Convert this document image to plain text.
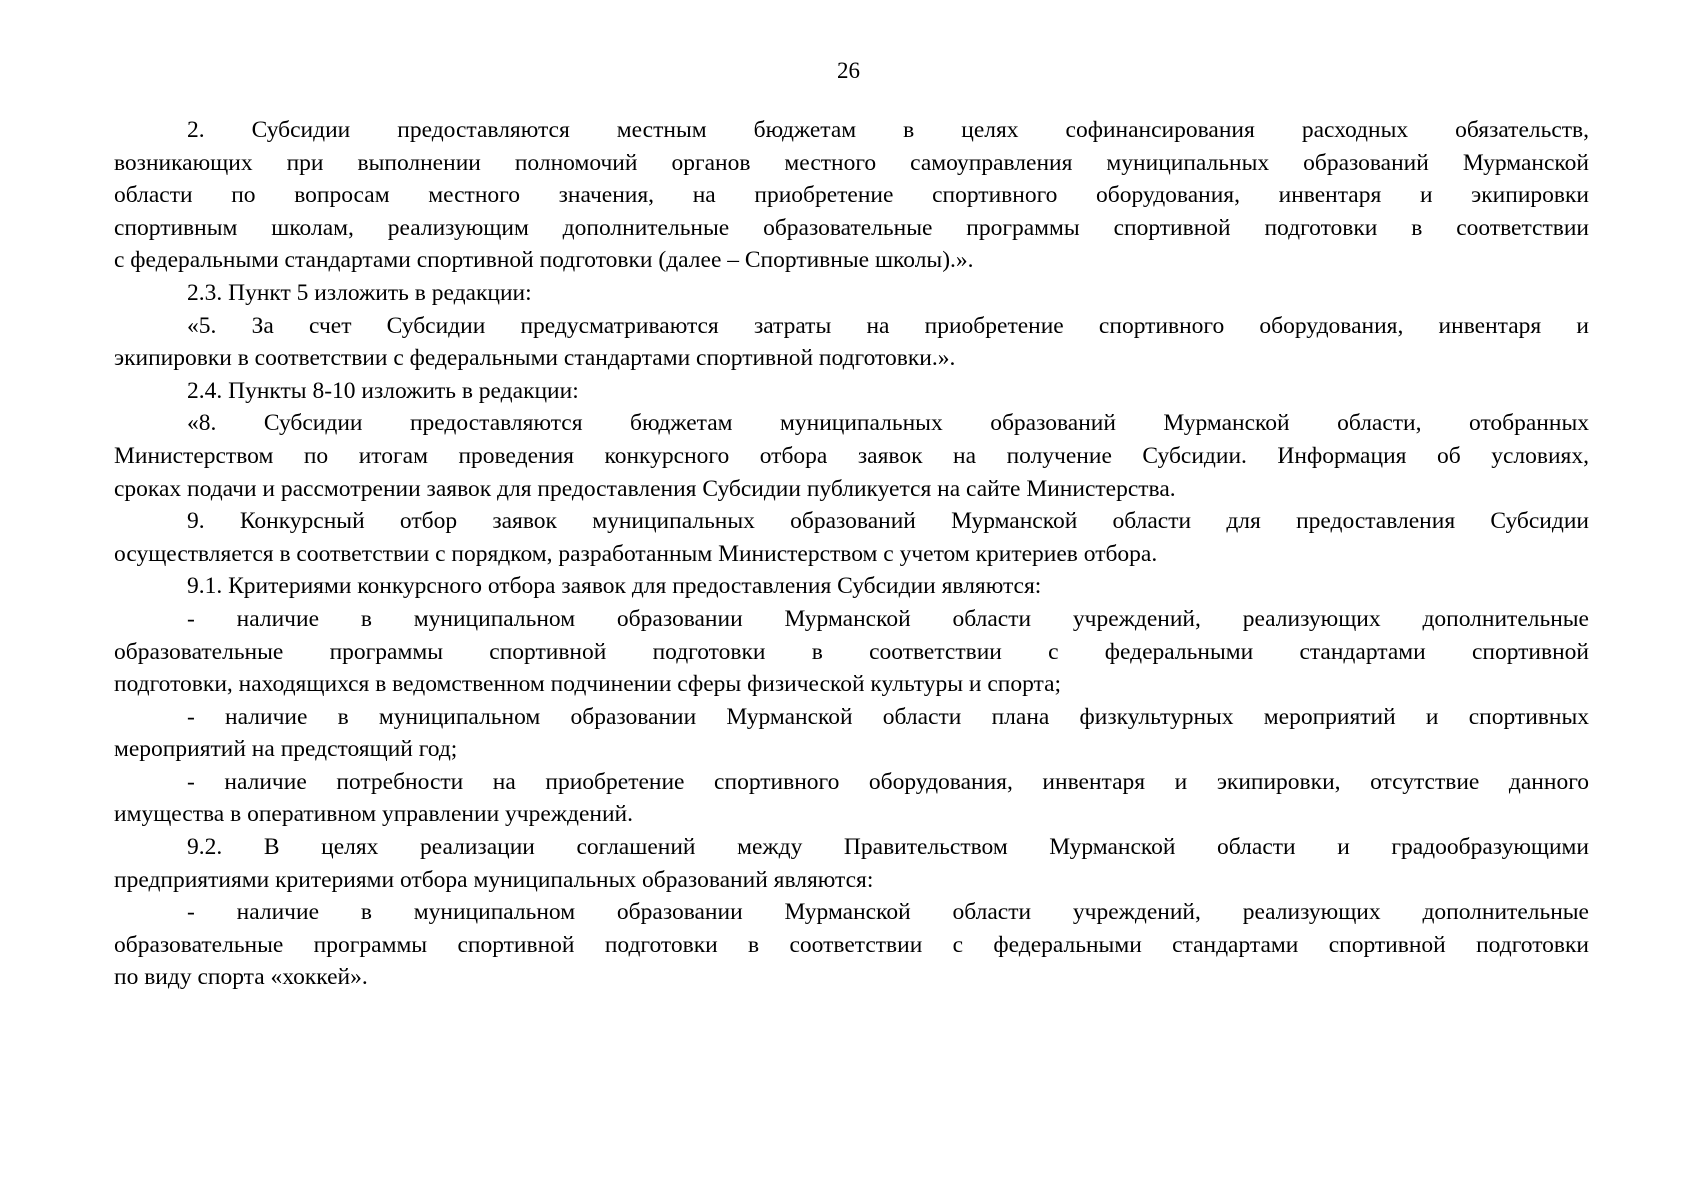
26
2. Субсидии предоставляются местным бюджетам в целях софинансирования расходных обязательств,
возникающих при выполнении полномочий органов местного самоуправления муниципальных образований Мурманской
области по вопросам местного значения, на приобретение спортивного оборудования, инвентаря и экипировки
спортивным школам, реализующим дополнительные образовательные программы спортивной подготовки в соответствии
с федеральными стандартами спортивной подготовки (далее – Спортивные школы).».
2.3. Пункт 5 изложить в редакции:
«5. За счет Субсидии предусматриваются затраты на приобретение спортивного оборудования, инвентаря и
экипировки в соответствии с федеральными стандартами спортивной подготовки.».
2.4. Пункты 8-10 изложить в редакции:
«8. Субсидии предоставляются бюджетам муниципальных образований Мурманской области, отобранных
Министерством по итогам проведения конкурсного отбора заявок на получение Субсидии. Информация об условиях,
сроках подачи и рассмотрении заявок для предоставления Субсидии публикуется на сайте Министерства.
9. Конкурсный отбор заявок муниципальных образований Мурманской области для предоставления Субсидии
осуществляется в соответствии с порядком, разработанным Министерством с учетом критериев отбора.
9.1. Критериями конкурсного отбора заявок для предоставления Субсидии являются:
- наличие в муниципальном образовании Мурманской области учреждений, реализующих дополнительные
образовательные программы спортивной подготовки в соответствии с федеральными стандартами спортивной
подготовки, находящихся в ведомственном подчинении сферы физической культуры и спорта;
- наличие в муниципальном образовании Мурманской области плана физкультурных мероприятий и спортивных
мероприятий на предстоящий год;
- наличие потребности на приобретение спортивного оборудования, инвентаря и экипировки, отсутствие данного
имущества в оперативном управлении учреждений.
9.2. В целях реализации соглашений между Правительством Мурманской области и градообразующими
предприятиями критериями отбора муниципальных образований являются:
- наличие в муниципальном образовании Мурманской области учреждений, реализующих дополнительные
образовательные программы спортивной подготовки в соответствии с федеральными стандартами спортивной подготовки
по виду спорта «хоккей».
